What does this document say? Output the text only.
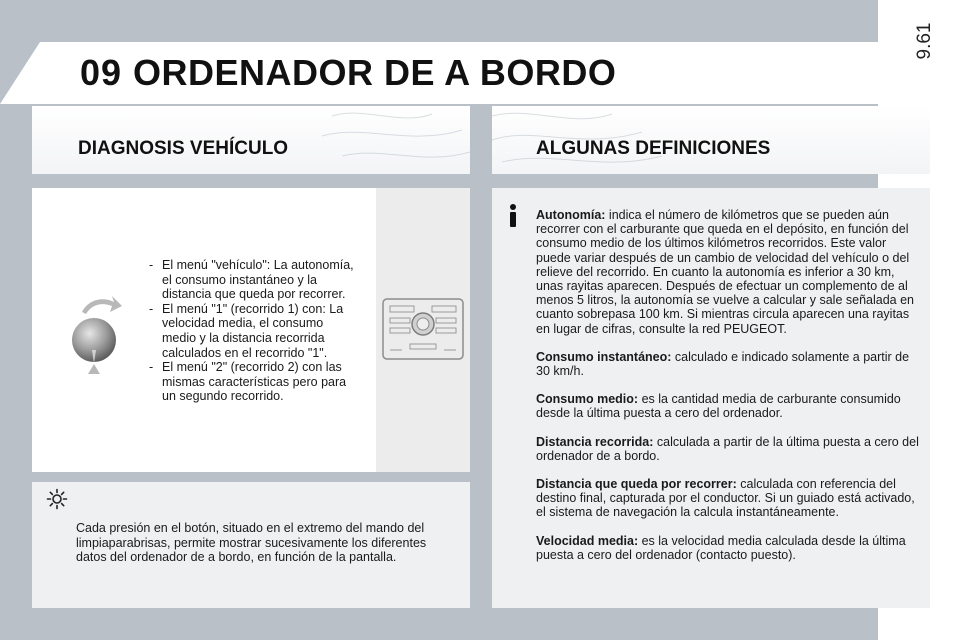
9.61
09 ORDENADOR DE A BORDO
DIAGNOSIS VEHÍCULO	ALGUNAS DEFINICIONES
- El menú "vehículo": La autonomía, el consumo instantáneo y la distancia que queda por recorrer.
- El menú "1" (recorrido 1) con: La velocidad media, el consumo medio y la distancia recorrida calculados en el recorrido "1".
- El menú "2" (recorrido 2) con las mismas características pero para un segundo recorrido.

Cada presión en el botón, situado en el extremo del mando del limpiaparabrisas, permite mostrar sucesivamente los diferentes datos del ordenador de a bordo, en función de la pantalla.

Autonomía: indica el número de kilómetros que se pueden aún recorrer con el carburante que queda en el depósito, en función del consumo medio de los últimos kilómetros recorridos. Este valor puede variar después de un cambio de velocidad del vehículo o del relieve del recorrido. En cuanto la autonomía es inferior a 30 km, unas rayitas aparecen. Después de efectuar un complemento de al menos 5 litros, la autonomía se vuelve a calcular y sale señalada en cuanto sobrepasa 100 km. Si mientras circula aparecen una rayitas en lugar de cifras, consulte la red PEUGEOT.

Consumo instantáneo: calculado e indicado solamente a partir de 30 km/h.

Consumo medio: es la cantidad media de carburante consumido desde la última puesta a cero del ordenador.

Distancia recorrida: calculada a partir de la última puesta a cero del ordenador de a bordo.

Distancia que queda por recorrer: calculada con referencia del destino final, capturada por el conductor. Si un guiado está activado, el sistema de navegación la calcula instantáneamente.

Velocidad media: es la velocidad media calculada desde la última puesta a cero del ordenador (contacto puesto).
